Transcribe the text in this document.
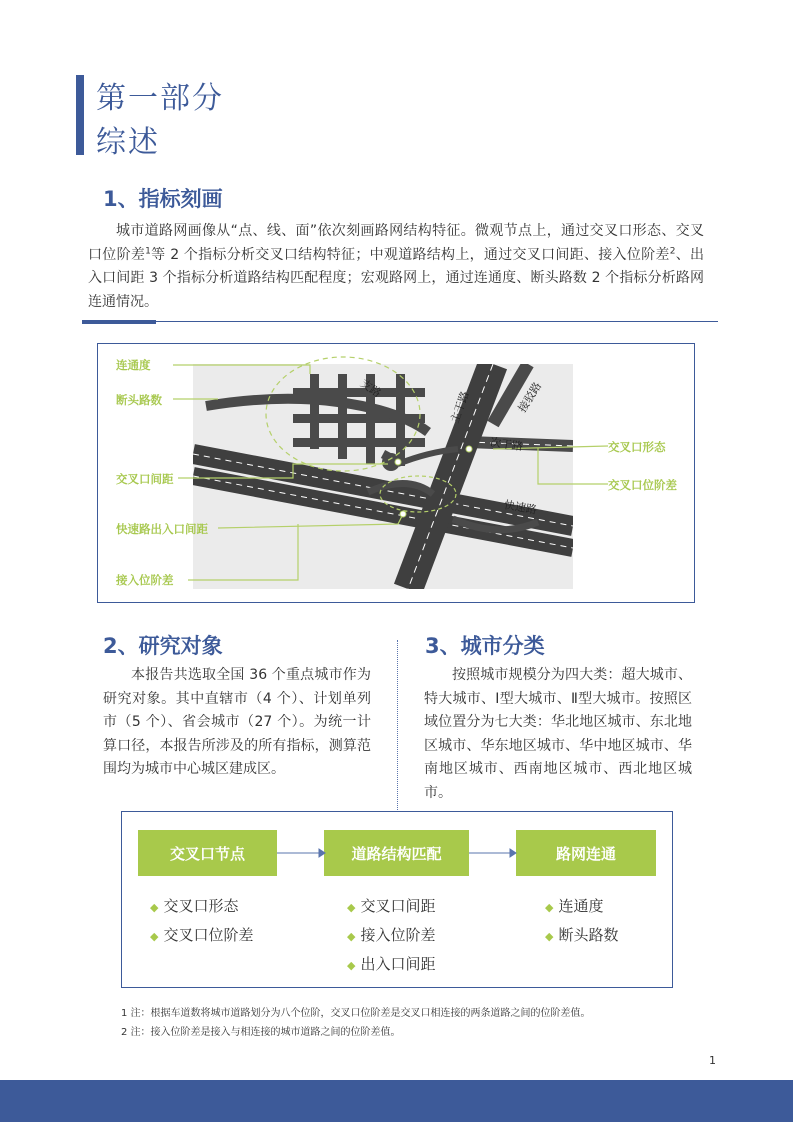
第一部分
综述
1、指标刻画
城市道路网画像从“点、线、面”依次刻画路网结构特征。微观节点上，通过交叉口形态、交叉口位阶差$^1$等 2 个指标分析交叉口结构特征；中观道路结构上，通过交叉口间距、接入位阶差$^2$、出入口间距 3 个指标分析道路结构匹配程度；宏观路网上，通过连通度、断头路数 2 个指标分析路网连通情况。
连通度
断头路数
交叉口间距
快速路出入口间距
接入位阶差
交叉口形态
交叉口位阶差
支路
主干路
次干路
快速路
接驳路
2、研究对象
本报告共选取全国 36 个重点城市作为研究对象。其中直辖市（4 个）、计划单列市（5 个）、省会城市（27 个）。为统一计算口径，本报告所涉及的所有指标，测算范围均为城市中心城区建成区。
3、城市分类
按照城市规模分为四大类：超大城市、特大城市、Ⅰ型大城市、Ⅱ型大城市。按照区域位置分为七大类：华北地区城市、东北地区城市、华东地区城市、华中地区城市、华南地区城市、西南地区城市、西北地区城市。
交叉口节点	道路结构匹配	路网连通
◆ 交叉口形态
◆ 交叉口位阶差
◆ 交叉口间距
◆ 接入位阶差
◆ 出入口间距
◆ 连通度
◆ 断头路数
1 注：根据车道数将城市道路划分为八个位阶，交叉口位阶差是交叉口相连接的两条道路之间的位阶差值。
2 注：接入位阶差是接入与相连接的城市道路之间的位阶差值。
1
